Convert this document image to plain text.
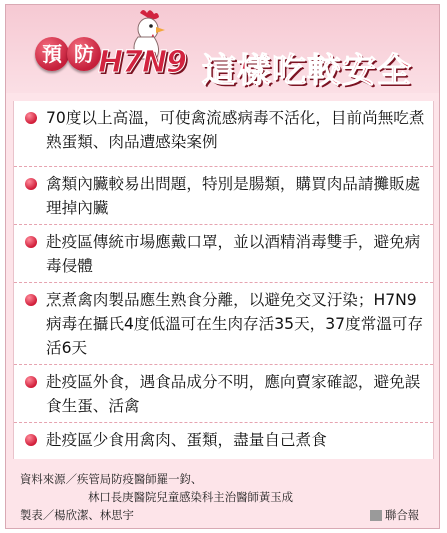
預 防 H7N9 這樣吃較安全
70度以上高溫，可使禽流感病毒不活化，目前尚無吃煮熟蛋類、肉品遭感染案例
禽類內臟較易出問題，特別是腸類，購買肉品請攤販處理掉內臟
赴疫區傳統市場應戴口罩，並以酒精消毒雙手，避免病毒侵體
烹煮禽肉製品應生熟食分離，以避免交叉汙染；H7N9病毒在攝氏4度低溫可在生肉存活35天，37度常溫可存活6天
赴疫區外食，遇食品成分不明，應向賣家確認，避免誤食生蛋、活禽
赴疫區少食用禽肉、蛋類，盡量自己煮食
資料來源／疾管局防疫醫師羅一鈞、
林口長庚醫院兒童感染科主治醫師黃玉成
製表／楊欣潔、林思宇	聯合報
